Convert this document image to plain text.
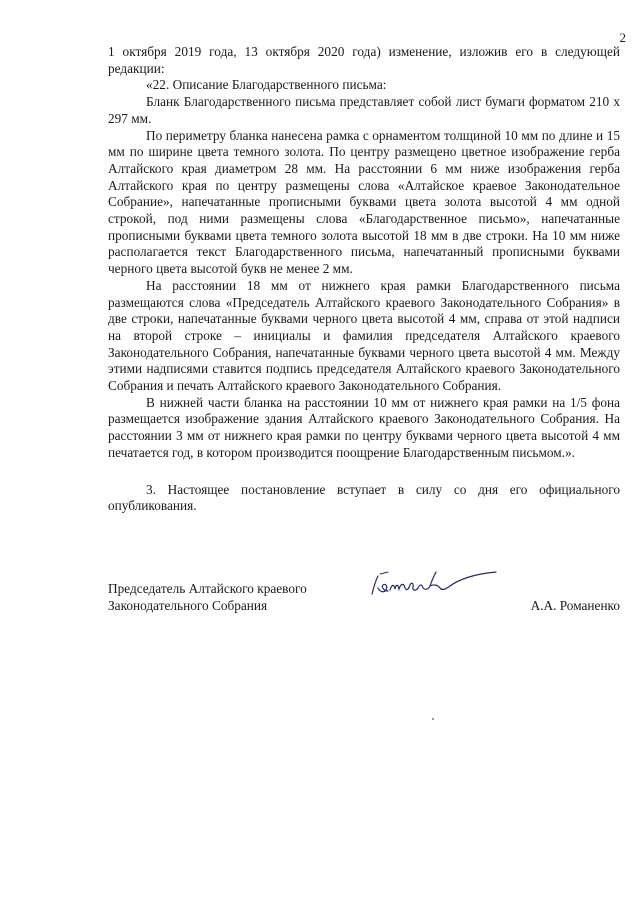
2

1 октября 2019 года, 13 октября 2020 года) изменение, изложив его в следующей редакции:

«22. Описание Благодарственного письма:

Бланк Благодарственного письма представляет собой лист бумаги форматом 210 х 297 мм.

По периметру бланка нанесена рамка с орнаментом толщиной 10 мм по длине и 15 мм по ширине цвета темного золота. По центру размещено цветное изображение герба Алтайского края диаметром 28 мм. На расстоянии 6 мм ниже изображения герба Алтайского края по центру размещены слова «Алтайское краевое Законодательное Собрание», напечатанные прописными буквами цвета золота высотой 4 мм одной строкой, под ними размещены слова «Благодарственное письмо», напечатанные прописными буквами цвета темного золота высотой 18 мм в две строки. На 10 мм ниже располагается текст Благодарственного письма, напечатанный прописными буквами черного цвета высотой букв не менее 2 мм.

На расстоянии 18 мм от нижнего края рамки Благодарственного письма размещаются слова «Председатель Алтайского краевого Законодательного Собрания» в две строки, напечатанные буквами черного цвета высотой 4 мм, справа от этой надписи на второй строке – инициалы и фамилия председателя Алтайского краевого Законодательного Собрания, напечатанные буквами черного цвета высотой 4 мм. Между этими надписями ставится подпись председателя Алтайского краевого Законодательного Собрания и печать Алтайского краевого Законодательного Собрания.

В нижней части бланка на расстоянии 10 мм от нижнего края рамки на 1/5 фона размещается изображение здания Алтайского краевого Законодательного Собрания. На расстоянии 3 мм от нижнего края рамки по центру буквами черного цвета высотой 4 мм печатается год, в котором производится поощрение Благодарственным письмом.».

3. Настоящее постановление вступает в силу со дня его официального опубликования.

Председатель Алтайского краевого
Законодательного Собрания	А.А. Романенко
